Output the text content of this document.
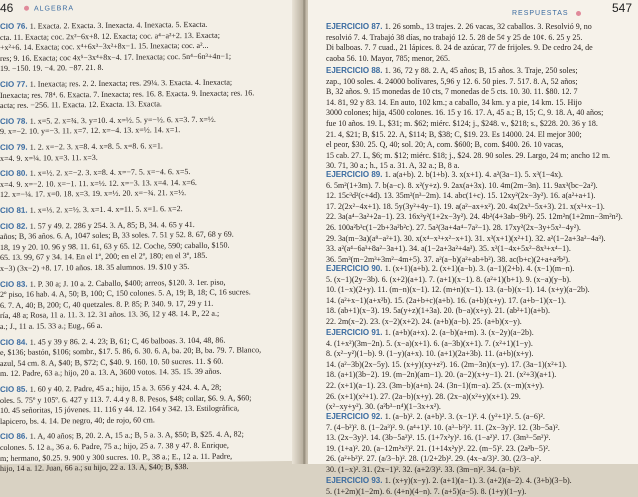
46	ALGEBRA
CIO 76. 1. Exacta. 2. Exacta. 3. Inexacta. 4. Inexacta. 5. Exacta.
cta. 11. Exacta; coc. 2x²−6x+8. 12. Exacta; coc. a⁴−a²+2. 13. Exacta;
+x²+6. 14. Exacta; coc. x⁴+6x³−3x²+8x−1. 15. Inexacta; coc. a²...
res; 9. 16. Exacta; coc 4x⁵−3x⁴+8x−4. 17. Inexacta; coc. 5n⁴−6n³+4n−1;
19. −150. 19. −4. 20. −87. 21. 8.
CIO 77. 1. Inexacta; res. 2. 2. Inexacta; res. 29¼. 3. Exacta. 4. Inexacta;
Inexacta; res. 78⁴. 6. Exacta. 7. Inexacta; res. 16. 8. Exacta. 9. Inexacta; res. 16.
acta; res. −256. 11. Exacta. 12. Exacta. 13. Exacta.
CIO 78. 1. x=5. 2. x=¾. 3. y=10. 4. x=½. 5. y=−½. 6. x=3. 7. x=½.
9. x=−2. 10. y=−3. 11. x=7. 12. x=−4. 13. x=½. 14. x=1.
CIO 79. 1. 2. x=−2. 3. x=8. 4. x=8. 5. x=8. 6. x=1.
x=4. 9. x=¼. 10. x=3. 11. x=3.
CIO 80. 1. x=½. 2. x=−2. 3. x=8. 4. x=−7. 5. x=−4. 6. x=5.
x=4. 9. x=−2. 10. x=−1. 11. x=½. 12. x=−3. 13. x=4. 14. x=6.
12. x=−¼. 17. x=0. 18. x=3. 19. x=½. 20. x=−¾. 21. x=½.
CIO 81. 1. x=⅓. 2. x=½. 3. x=1. 4. x=11. 5. x=1. 6. x=2.
CIO 82. 1. 57 y 49. 2. 286 y 254. 3. A, 85; B, 34. 4. 65 y 41.
años; B, 36 años. 6. A, 1047 soles; B, 33 soles. 7. 51 y 52. 8. 67, 68 y 69.
18, 19 y 20. 10. 96 y 98. 11. 61, 63 y 65. 12. Coche, 590; caballo, $150.
65. 13. 99, 67 y 34. 14. En el 1º, 200; en el 2º, 180; en el 3º, 185.
x−3) (3x−2) +8. 17. 10 años. 18. 35 alumnos. 19. $10 y 35.
CIO 83. 1. P. 30 a; J. 10 a. 2. Caballo, $400; arreos, $120. 3. 1er. piso,
2º piso, 16 hab. 4. A, 50; B, 100; C, 150 colones. 5. A, 19; B, 18; C, 16 sucres.
6. 7. A, 40; B, 200; C, 40 quetzales. 8. P. 85; P. 340. 9. 17, 29 y 11.
ría, 48 a; Rosa, 11 a. 11. 3. 12. 31 años. 13. 36, 12 y 48. 14. P., 22 a.;
a.; J., 11 a. 15. 33 a.; Eug., 66 a.
CIO 84. 1. 45 y 39 y 86. 2. 4. 23; B, 61; C, 46 balboas. 3. 104, 48, 86.
e, $136; bastón, $106; sombr., $17. 5. 86, 6. 30. 6. A, ba. 20; B, ba. 79. 7. Blanco,
azul, 54 cm. 8. A, $40; B, $72; C, $40. 9. 160. 10. 50 sucres. 11. $ 60.
m. 12. Padre, 63 a.; hijo, 20 a. 13. A, 3600 votos. 14. 35. 15. 39 años.
CIO 85. 1. 60 y 40. 2. Padre, 45 a.; hijo, 15 a. 3. 656 y 424. 4. A, 28;
oles. 5. 75º y 105º. 6. 427 y 113. 7. 4.4 y 8. 8. Pesos, $48; collar, $6. 9. A, $60;
10. 45 señoritas, 15 jóvenes. 11. 116 y 44. 12. 164 y 342. 13. Estilográfica,
lapicero, bs. 4. 14. De negro, 40; de rojo, 60 cm.
CIO 86. 1. A, 40 años; B, 20. 2. A, 15 a.; B, 5 a. 3. A, $50; B, $25. 4. A, 82;
colones. 5. 12 a., 36 a. 6. Padre, 75 a.; hijo, 25 a. 7. 38 y 47. 8. Enrique,
m; hermano, $0.25. 9. 900 y 300 sucres. 10. P., 38 a.; E., 12 a. 11. Padre,
hijo, 14 a. 12. Juan, 66 a.; su hijo, 22 a. 13. A, $40; B, $38.
RESPUESTAS	547
EJERCICIO 87. 1. 26 somb., 13 trajes. 2. 26 vacas, 32 caballos. 3. Resolvió 9, no
resolvió 7. 4. Trabajó 38 días, no trabajó 12. 5. 28 de 5¢ y 25 de 10¢. 6. 25 y 25.
Di balboas. 7. 7 cuad., 21 lápices. 8. 24 de azúcar, 77 de frijoles. 9. De cedro 24, de
caoba 56. 10. Mayor, 785; menor, 265.
EJERCICIO 88. 1. 36, 72 y 88. 2. A, 45 años; B, 15 años. 3. Traje, 250 soles;
zap., 100 soles. 4. 24000 bolívares, 5,96 y 12. 6. 50 pies. 7. 517. 8. A, 52 años;
B, 32 años. 9. 15 monedas de 10 cts, 7 monedas de 5 cts. 10. 30. 11. $80. 12. 7
14. 81, 92 y 83. 14. En auto, 102 km.; a caballo, 34 km. y a pie, 14 km. 15. Hijo
3000 colones; hija, 4500 colones. 16. 15 y 16. 17. A, 45 a.; B, 15; C, 9. 18. A, 40 años;
fue 10 años. 19. L, $31; m. $62; miérc. $124; j., $248. v., $218; s., $228. 20. 36 y 18.
21. 4, $21; B, $15. 22. A, $114; B, $38; C, $19. 23. Es 14000. 24. El mejor 300;
el peor, $30. 25. Q, 40; sol. 20; A, com. $600; B, com. $400. 26. 10 vacas,
15 cab. 27. L, $6; m. $12; miérc. $18; j., $24. 28. 90 soles. 29. Largo, 24 m; ancho 12 m.
30. 71, 30 a.; h., 15 a. 31. A, 32 a.; B, 8 a.
EJERCICIO 89. 1. a(a+b). 2. b(1+b). 3. x(x+1). 4. a²(3a−1). 5. x³(1−4x).
6. 5m²(1+3m). 7. b(a−c). 8. x²(y+z). 9. 2ax(a+3x). 10. 4m(2m−3n). 11. 9ax³(bc−2a²).
12. 15c³d²(c+4d). 13. 35m²(n³−2m). 14. abc(1+c). 15. 12xy²(2x−3y²). 16. a(a²+a+1).
17. 2(2x²−4x+1). 18. 5y(3y²+4y−1). 19. a(a²−ax+x²). 20. 4x(2x³−5x+3). 21. x(x³+x−1).
22. 3a(a⁴−3a²+2a−1). 23. 16x²y²(1+2x−3y²). 24. 4b²(4+3ab−9b²). 25. 12m²n(1+2mn−3m²n²).
26. 100a²b³c(1−2b+3a²b²c). 27. 5a²(3a+4a⁴−7a²−1). 28. 17xy²(2x−3y+5x²−4y²).
29. 3a(m−3a)(a⁸−a²+1). 30. x(x⁴−x³+x²−x+1). 31. x³(x+1)(x²+1). 32. a²(1−2a+3a²−4a³).
33. a²(a⁴−6a³+8a²−3a+1). 34. a(1−2a+3a²+4a³). 35. x²(1−4x+5x²−8x³+x⁴−1).
36. 5m³(m−2m³+3m²−4m+5). 37. a²(a−b)(a²+ab+b²). 38. ac(b+c)(2+a+a²b²).
EJERCICIO 90. 1. (x+1)(a+b). 2. (x+1)(a−b). 3. (a−1)(2+b). 4. (x−1)(m−n).
5. (x−1)(2y−3b). 6. (x+2)(a+1). 7. (a+1)(x−1). 8. (a²+1)(b+1). 9. (x−a)(y−b).
10. (1−x)(2+y). 11. (m−n)(x−1). 12. (m+n)(x−1). 13. (a−b)(x−1). 14. (x+y)(a−2b).
14. (a²+x−1)(a+x²b). 15. (2a+b+c)(a+b). 16. (a+b)(x+y). 17. (a+b−1)(x−1).
18. (ab+1)(x−3). 19. 5a(y+z)(1+3a). 20. (b−a)(x+y). 21. (ab²+1)(a+b).
22. 2m(x−2). 23. (x−2)(x+2). 24. (a+b)(a−b). 25. (a+b)(x−y).
EJERCICIO 91. 1. (a+b)(a+x). 2. (a−b)(a+m). 3. (x−2y)(a−2b).
4. (1+x²)(3m−2n). 5. (x−a)(x+1). 6. (a−3b)(x+1). 7. (x²+1)(1−y).
8. (x²−y²)(1−b). 9. (1−y)(a+x). 10. (a+1)(2a+3b). 11. (a+b)(x+y).
14. (a²−3b)(2x−5y). 15. (x+y)(xy+z²). 16. (2m−3n)(x−y). 17. (3a−1)(x²+1).
18. (a+1)(3b−2). 19. (m−2n)(am−1). 20. (a−2)(x+y−1). 21. (x²+3)(a+1).
22. (x+1)(a−1). 23. (3m−b)(a+n). 24. (3n−1)(m−a). 25. (x−m)(x+y).
26. (x+1)(x²+1). 27. (2a−b)(x+y). 28. (2x−a)(x²+y)(x+1). 29.
(x²−xy+y²). 30. (a²b³−n⁴)(1−3x+x²).
EJERCICIO 92. 1. (a−b)². 2. (a+b)². 3. (x−1)². 4. (y²+1)². 5. (a−6)².
7. (4−b²)². 8. (1−2a³)². 9. (a⁴+1)². 10. (a³−b³)². 11. (2x−3y)². 12. (3b−5a)².
13. (2x−3y)². 14. (3b−5a²)². 15. (1+7x²y)². 16. (1−a²)². 17. (3m³−5n²)².
19. (1+a)². 20. (a−12m²x²)². 21. (1+14x²y)². 22. (m−5)². 23. (2a²b−5)².
26. (a²+b²)². 27. (a/3−b)². 28. (1/2+2b)². 29. (4x−a/3)². 30. (2/3−a)².
30. (1−x)². 31. (2x−1)². 32. (a+2/3)². 33. (3m−n)². 34. (a−b)².
EJERCICIO 93. 1. (x+y)(x−y). 2. (a+1)(a−1). 3. (a+2)(a−2). 4. (3+b)(3−b).
5. (1+2m)(1−2m). 6. (4+n)(4−n). 7. (a+5)(a−5). 8. (1+y)(1−y).
